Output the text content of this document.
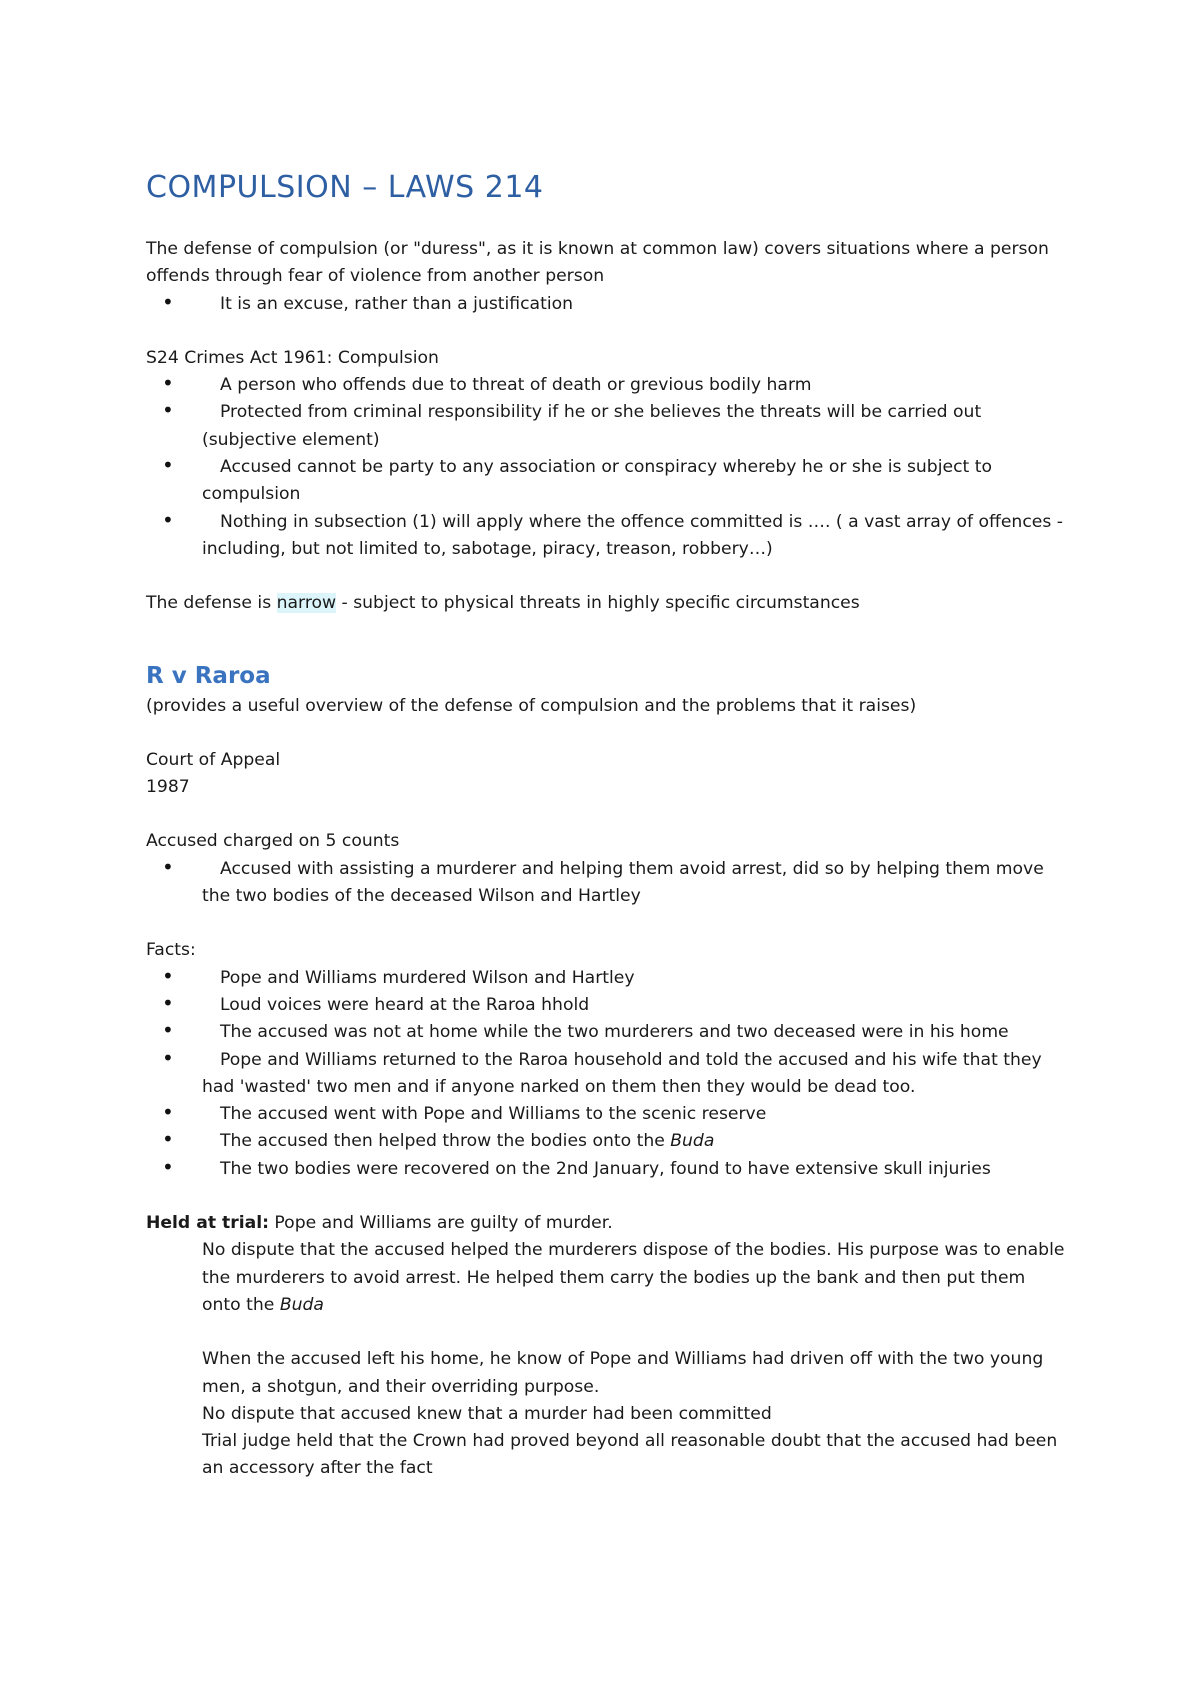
COMPULSION – LAWS 214

The defense of compulsion (or "duress", as it is known at common law) covers situations where a person offends through fear of violence from another person

• It is an excuse, rather than a justification

S24 Crimes Act 1961: Compulsion

• A person who offends due to threat of death or grevious bodily harm
• Protected from criminal responsibility if he or she believes the threats will be carried out (subjective element)
• Accused cannot be party to any association or conspiracy whereby he or she is subject to compulsion
• Nothing in subsection (1) will apply where the offence committed is …. ( a vast array of offences - including, but not limited to, sabotage, piracy, treason, robbery…)

The defense is narrow - subject to physical threats in highly specific circumstances

R v Raroa

(provides a useful overview of the defense of compulsion and the problems that it raises)

Court of Appeal

1987

Accused charged on 5 counts

• Accused with assisting a murderer and helping them avoid arrest, did so by helping them move the two bodies of the deceased Wilson and Hartley

Facts:

• Pope and Williams murdered Wilson and Hartley
• Loud voices were heard at the Raroa hhold
• The accused was not at home while the two murderers and two deceased were in his home
• Pope and Williams returned to the Raroa household and told the accused and his wife that they had 'wasted' two men and if anyone narked on them then they would be dead too.
• The accused went with Pope and Williams to the scenic reserve
• The accused then helped throw the bodies onto the Buda
• The two bodies were recovered on the 2nd January, found to have extensive skull injuries

Held at trial: Pope and Williams are guilty of murder.

No dispute that the accused helped the murderers dispose of the bodies. His purpose was to enable the murderers to avoid arrest. He helped them carry the bodies up the bank and then put them onto the Buda

When the accused left his home, he know of Pope and Williams had driven off with the two young men, a shotgun, and their overriding purpose.

No dispute that accused knew that a murder had been committed

Trial judge held that the Crown had proved beyond all reasonable doubt that the accused had been an accessory after the fact
